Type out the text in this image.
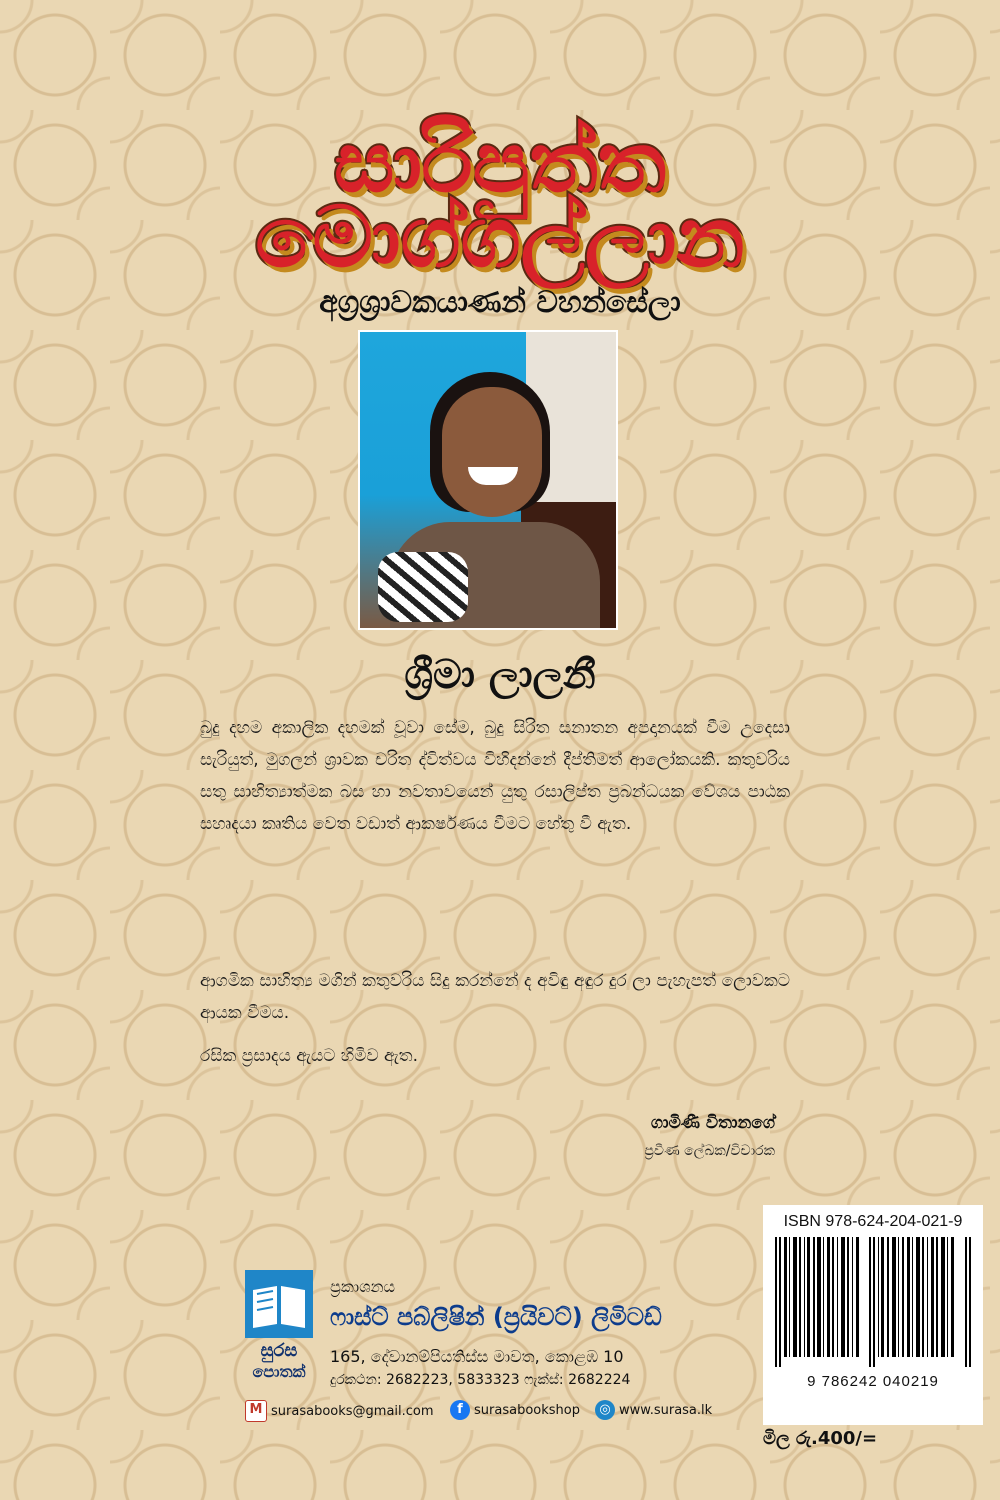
සාරිපුත්ත
මොග්ගල්ලාන
අග්‍රශ්‍රාවකයාණන් වහන්සේලා
ශ්‍රීමා ලාලනී
බුදු දහම අකාලික දහමක් වූවා සේම, බුදු සිරිත සනාතන අපදානයක් වීම උදෙසා සැරියුත්, මුගලන් ශ්‍රාවක චරිත ද්විත්වය විහිදන්නේ දීප්තිමත් ආලෝකයකි. කතුවරිය සතු සාහිත්‍යාත්මක බස හා නවතාවයෙන් යුතු රසාලිප්ත ප්‍රබන්ධයක වේශය පාඨක සහෘදයා කෘතිය වෙත වඩාත් ආකර්ෂණය වීමට හේතු වී ඇත.
ආගමික සාහිත්‍ය මගින් කතුවරිය සිදු කරන්නේ ද අවිඳු අඳුර දුර ලා පැහැපත් ලොවකට ආයක වීමය.
රසික ප්‍රසාදය ඇයට හිමිව ඇත.
ගාමිණී විතානගේ
ප්‍රවීණ ලේඛක/විචාරක
ISBN 978-624-204-021-9
9 786242 040219
මිල රු.400/=
සුරස
පොතක්
ප්‍රකාශනය
ෆාස්ට් පබ්ලිෂින් (ප්‍රයිවට්) ලිමිටඩ්
165, දේවානම්පියතිස්ස මාවත, කොළඹ 10
දුරකථන: 2682223, 5833323 ෆැක්ස්: 2682224
M surasabooks@gmail.com	f surasabookshop	◎ www.surasa.lk
